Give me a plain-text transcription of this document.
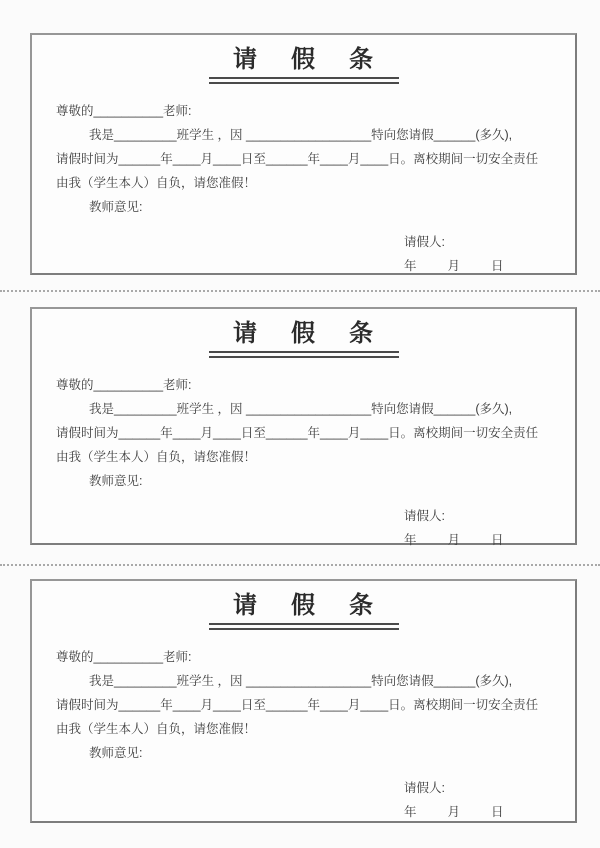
请 假 条

尊敬的__________老师:

我是_________班学生 ，因 __________________特向您请假______(多久),

请假时间为______年____月____日至______年____月____日。离校期间一切安全责任

由我（学生本人）自负，请您准假！

教师意见:

请假人:
年 月 日
请 假 条

尊敬的__________老师:

我是_________班学生 ，因 __________________特向您请假______(多久),

请假时间为______年____月____日至______年____月____日。离校期间一切安全责任

由我（学生本人）自负，请您准假！

教师意见:

请假人:
年 月 日
请 假 条

尊敬的__________老师:

我是_________班学生 ，因 __________________特向您请假______(多久),

请假时间为______年____月____日至______年____月____日。离校期间一切安全责任

由我（学生本人）自负，请您准假！

教师意见:

请假人:
年 月 日
